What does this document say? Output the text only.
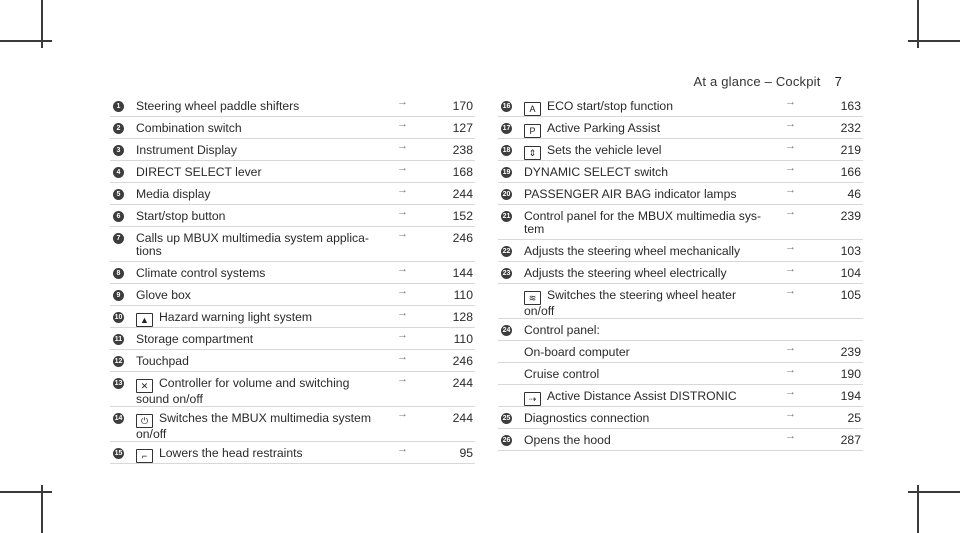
At a glance – Cockpit 7
1 Steering wheel paddle shifters	→	170
2 Combination switch	→	127
3 Instrument Display	→	238
4 DIRECT SELECT lever	→	168
5 Media display	→	244
6 Start/stop button	→	152
7 Calls up MBUX multimedia system applica-
tions
→	246
8 Climate control systems	→	144
9 Glove box	→	110
10	▲ Hazard warning light system	→	128
11 Storage compartment	→	110
12 Touchpad	→	246
13	✕ Controller for volume and switching
sound on/off
→	244
14	⏻ Switches the MBUX multimedia system
on/off
→	244
15	⌐ Lowers the head restraints	→	95
16	A ECO start/stop function	→	163
17	P Active Parking Assist	→	232
18	⇕ Sets the vehicle level	→	219
19 DYNAMIC SELECT switch	→	166
20 PASSENGER AIR BAG indicator lamps	→	46
21 Control panel for the MBUX multimedia sys-
tem
→	239
22 Adjusts the steering wheel mechanically	→	103
23 Adjusts the steering wheel electrically	→	104
≋ Switches the steering wheel heater
on/off
→	105
24 Control panel:
On-board computer	→	239
Cruise control	→	190
⇢ Active Distance Assist DISTRONIC	→	194
25 Diagnostics connection	→	25
26 Opens the hood	→	287
